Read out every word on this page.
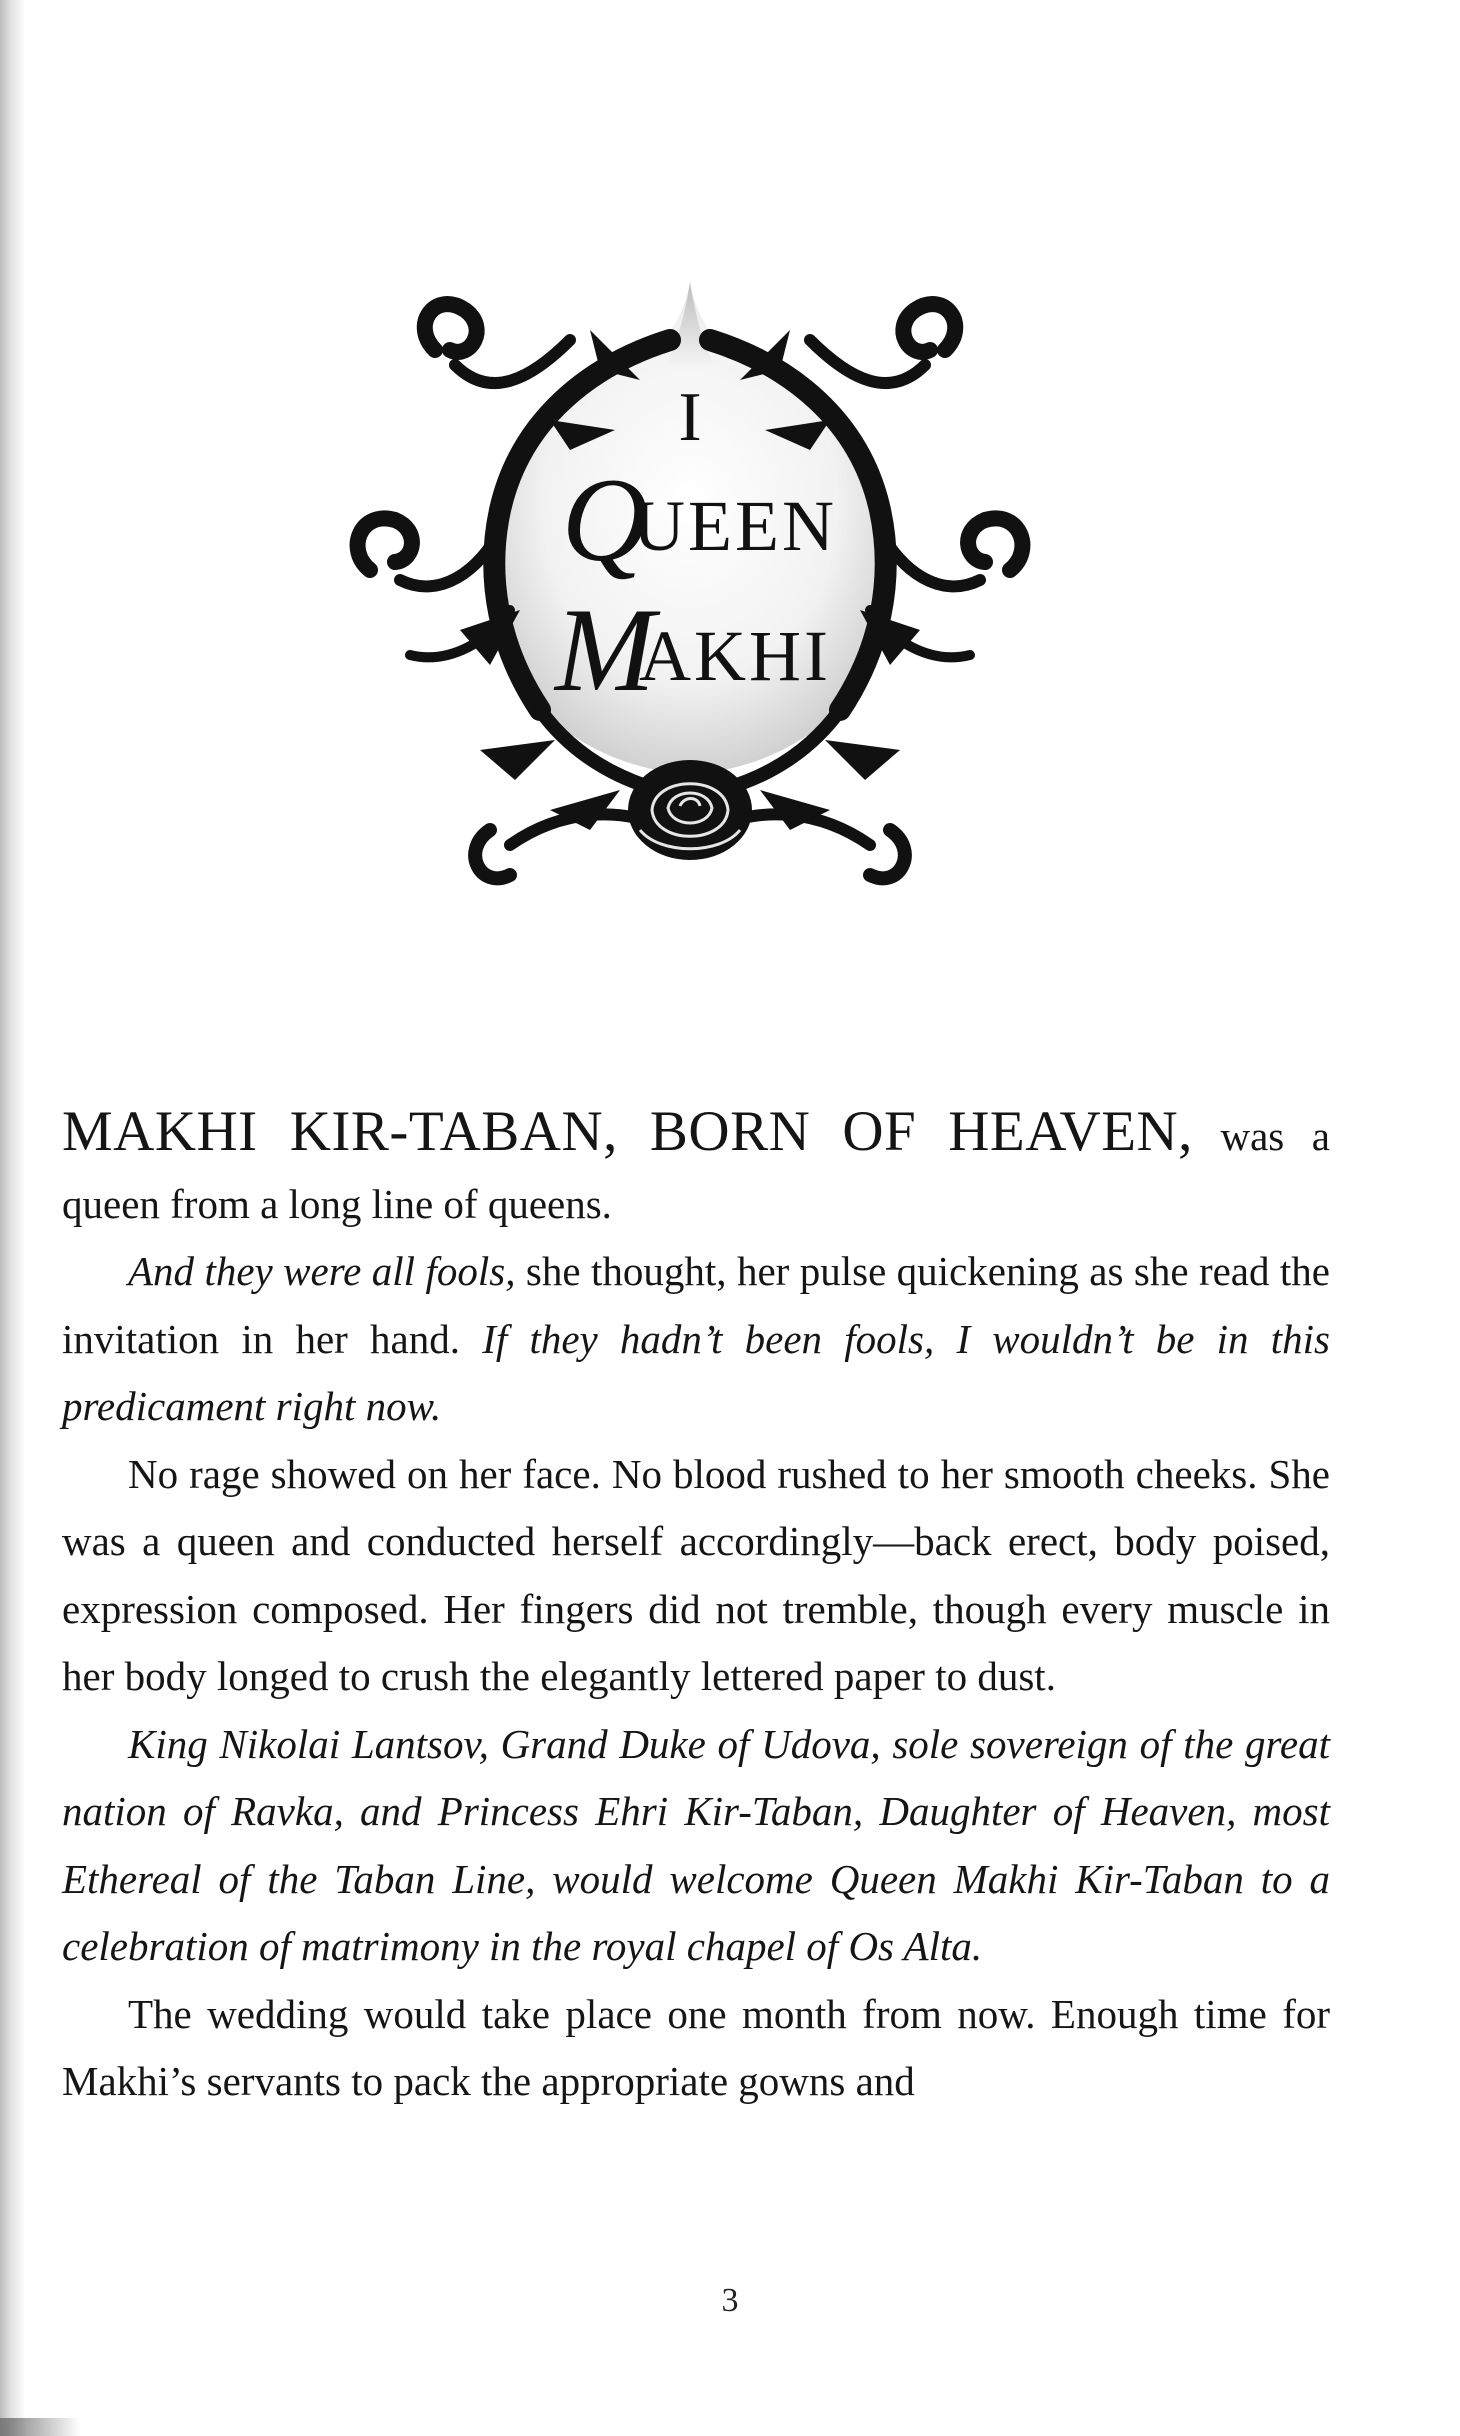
I
Q
UEEN
M
AKHI

MAKHI KIR-TABAN, BORN OF HEAVEN, was a queen from a long line of queens.

And they were all fools, she thought, her pulse quickening as she read the invitation in her hand. If they hadn’t been fools, I wouldn’t be in this predicament right now.

No rage showed on her face. No blood rushed to her smooth cheeks. She was a queen and conducted herself accordingly—back erect, body poised, expression composed. Her fingers did not tremble, though every muscle in her body longed to crush the elegantly lettered paper to dust.

King Nikolai Lantsov, Grand Duke of Udova, sole sovereign of the great nation of Ravka, and Princess Ehri Kir-Taban, Daughter of Heaven, most Ethereal of the Taban Line, would welcome Queen Makhi Kir-Taban to a celebration of matrimony in the royal chapel of Os Alta.

The wedding would take place one month from now. Enough time for Makhi’s servants to pack the appropriate gowns and

3
